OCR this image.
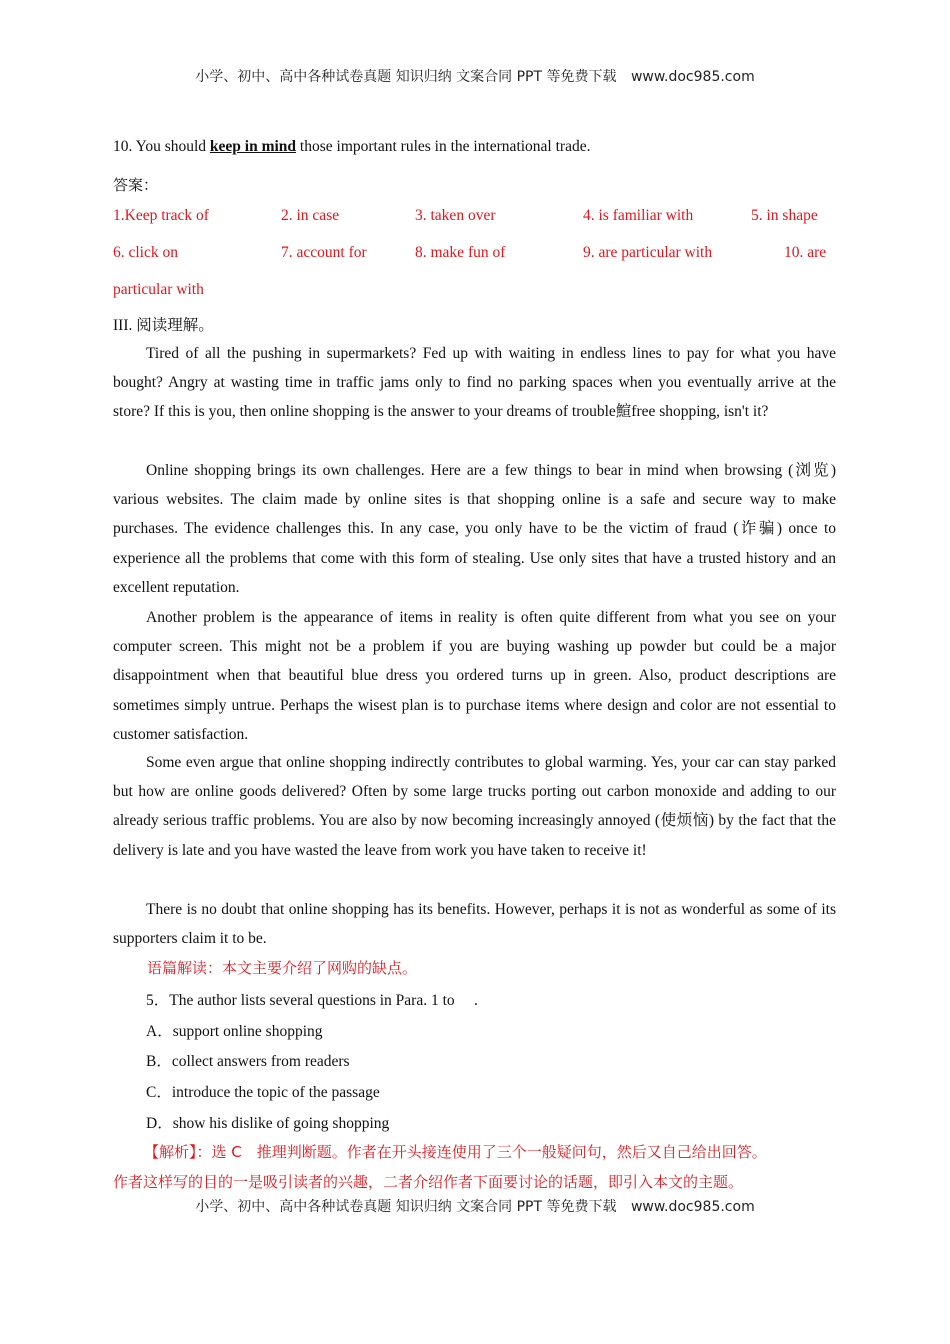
小学、初中、高中各种试卷真题 知识归纳 文案合同 PPT 等免费下载 www.doc985.com
10. You should keep in mind those important rules in the international trade.
答案：
1.Keep track of	2. in case	3. taken over	4. is familiar with	5. in shape
6. click on	7. account for	8. make fun of	9. are particular with	10. are
particular with
III. 阅读理解。
Tired of all the pushing in supermarkets? Fed up with waiting in endless lines to pay for what you have bought? Angry at wasting time in traffic jams only to find no parking spaces when you eventually arrive at the store? If this is you, then online shopping is the answer to your dreams of trouble鰚free shopping, isn't it?
Online shopping brings its own challenges. Here are a few things to bear in mind when browsing (浏览) various websites. The claim made by online sites is that shopping online is a safe and secure way to make purchases. The evidence challenges this. In any case, you only have to be the victim of fraud (诈骗) once to experience all the problems that come with this form of stealing. Use only sites that have a trusted history and an excellent reputation.
Another problem is the appearance of items in reality is often quite different from what you see on your computer screen. This might not be a problem if you are buying washing up powder but could be a major disappointment when that beautiful blue dress you ordered turns up in green. Also, product descriptions are sometimes simply untrue. Perhaps the wisest plan is to purchase items where design and color are not essential to customer satisfaction.
Some even argue that online shopping indirectly contributes to global warming. Yes, your car can stay parked but how are online goods delivered? Often by some large trucks porting out carbon monoxide and adding to our already serious traffic problems. You are also by now becoming increasingly annoyed (使烦恼) by the fact that the delivery is late and you have wasted the leave from work you have taken to receive it!
There is no doubt that online shopping has its benefits. However, perhaps it is not as wonderful as some of its supporters claim it to be.
语篇解读：本文主要介绍了网购的缺点。
5．The author lists several questions in Para. 1 to　 .
A．support online shopping
B．collect answers from readers
C．introduce the topic of the passage
D．show his dislike of going shopping
【解析】：选 C　推理判断题。作者在开头接连使用了三个一般疑问句，然后又自己给出回答。
作者这样写的目的一是吸引读者的兴趣，二者介绍作者下面要讨论的话题，即引入本文的主题。
小学、初中、高中各种试卷真题 知识归纳 文案合同 PPT 等免费下载 www.doc985.com
